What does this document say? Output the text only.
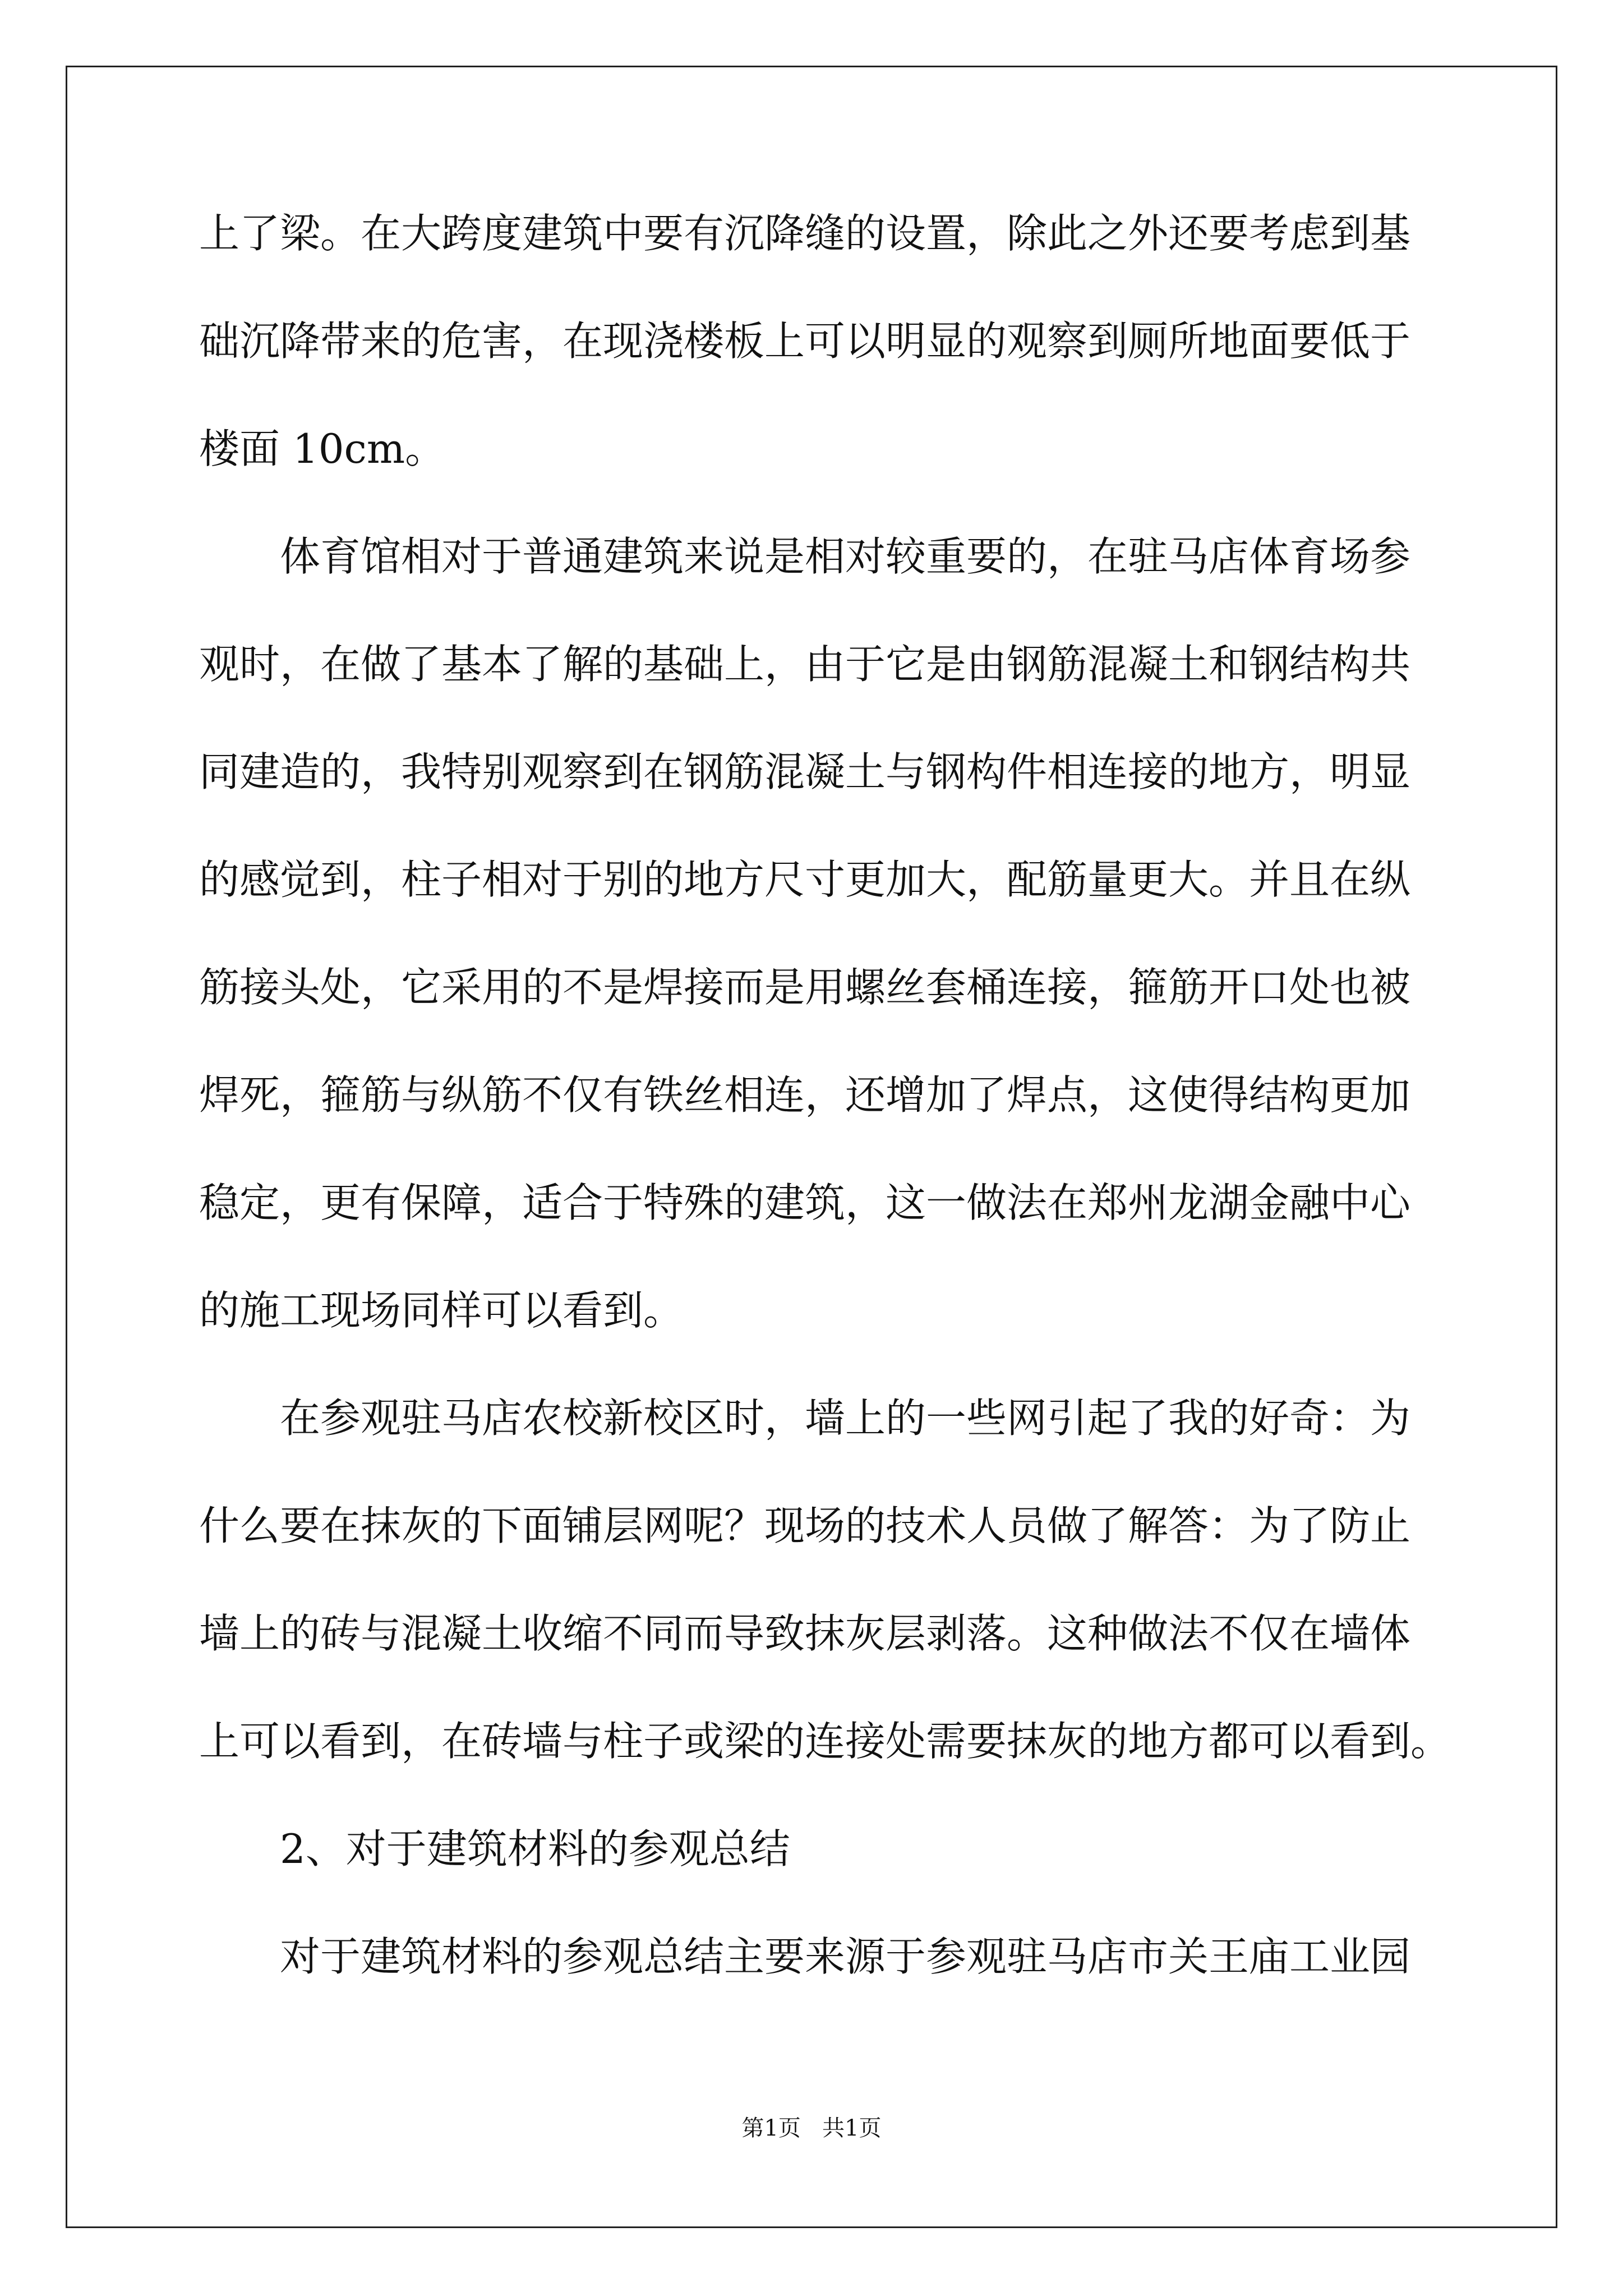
上了梁。在大跨度建筑中要有沉降缝的设置，除此之外还要考虑到基

础沉降带来的危害，在现浇楼板上可以明显的观察到厕所地面要低于

楼面 10cm。

体育馆相对于普通建筑来说是相对较重要的，在驻马店体育场参

观时，在做了基本了解的基础上，由于它是由钢筋混凝土和钢结构共

同建造的，我特别观察到在钢筋混凝土与钢构件相连接的地方，明显

的感觉到，柱子相对于别的地方尺寸更加大，配筋量更大。并且在纵

筋接头处，它采用的不是焊接而是用螺丝套桶连接，箍筋开口处也被

焊死，箍筋与纵筋不仅有铁丝相连，还增加了焊点，这使得结构更加

稳定，更有保障，适合于特殊的建筑，这一做法在郑州龙湖金融中心

的施工现场同样可以看到。

在参观驻马店农校新校区时，墙上的一些网引起了我的好奇：为

什么要在抹灰的下面铺层网呢？现场的技术人员做了解答：为了防止

墙上的砖与混凝土收缩不同而导致抹灰层剥落。这种做法不仅在墙体

上可以看到，在砖墙与柱子或梁的连接处需要抹灰的地方都可以看到。

2、对于建筑材料的参观总结

对于建筑材料的参观总结主要来源于参观驻马店市关王庙工业园

第1页   共1页
